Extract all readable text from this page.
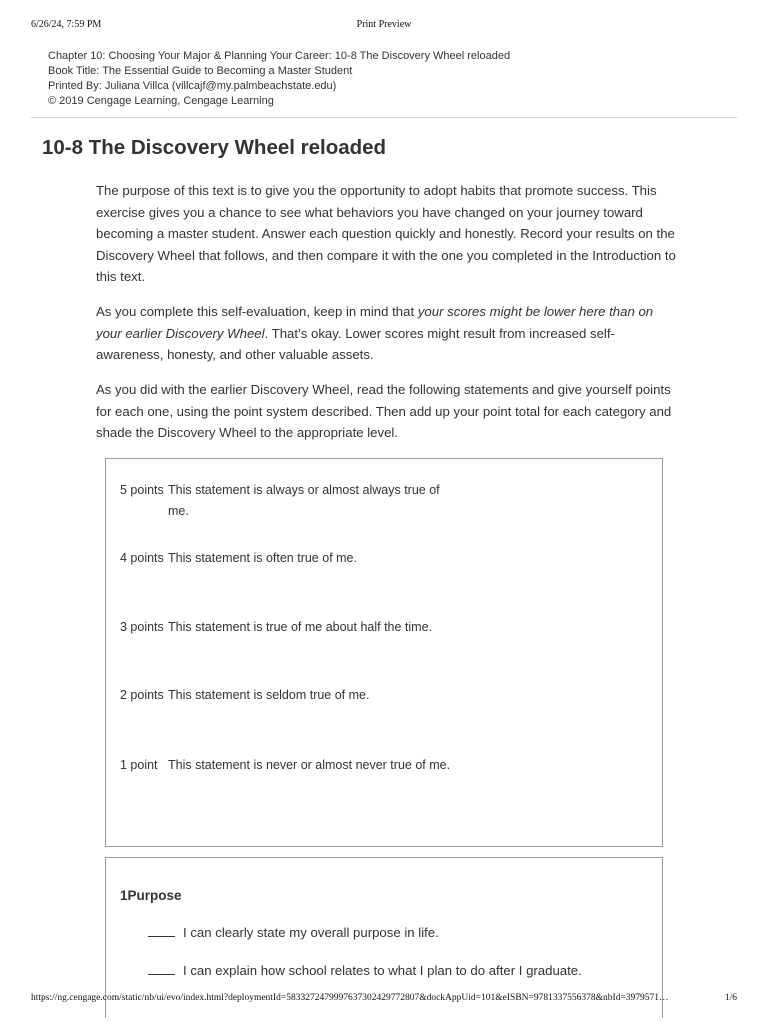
6/26/24, 7:59 PM	Print Preview
Chapter 10: Choosing Your Major & Planning Your Career: 10-8 The Discovery Wheel reloaded
Book Title: The Essential Guide to Becoming a Master Student
Printed By: Juliana Villca (villcajf@my.palmbeachstate.edu)
© 2019 Cengage Learning, Cengage Learning
10-8 The Discovery Wheel reloaded

The purpose of this text is to give you the opportunity to adopt habits that promote success. This exercise gives you a chance to see what behaviors you have changed on your journey toward becoming a master student. Answer each question quickly and honestly. Record your results on the Discovery Wheel that follows, and then compare it with the one you completed in the Introduction to this text.

As you complete this self-evaluation, keep in mind that your scores might be lower here than on your earlier Discovery Wheel. That’s okay. Lower scores might result from increased self-awareness, honesty, and other valuable assets.

As you did with the earlier Discovery Wheel, read the following statements and give yourself points for each one, using the point system described. Then add up your point total for each category and shade the Discovery Wheel to the appropriate level.

5 points This statement is always or almost always true of me.
4 points This statement is often true of me.
3 points This statement is true of me about half the time.
2 points This statement is seldom true of me.
1 point This statement is never or almost never true of me.
1Purpose
I can clearly state my overall purpose in life.
I can explain how school relates to what I plan to do after I graduate.
https://ng.cengage.com/static/nb/ui/evo/index.html?deploymentId=5833272479997637302429772807&dockAppUid=101&eISBN=9781337556378&nbId=3979571…	1/6
